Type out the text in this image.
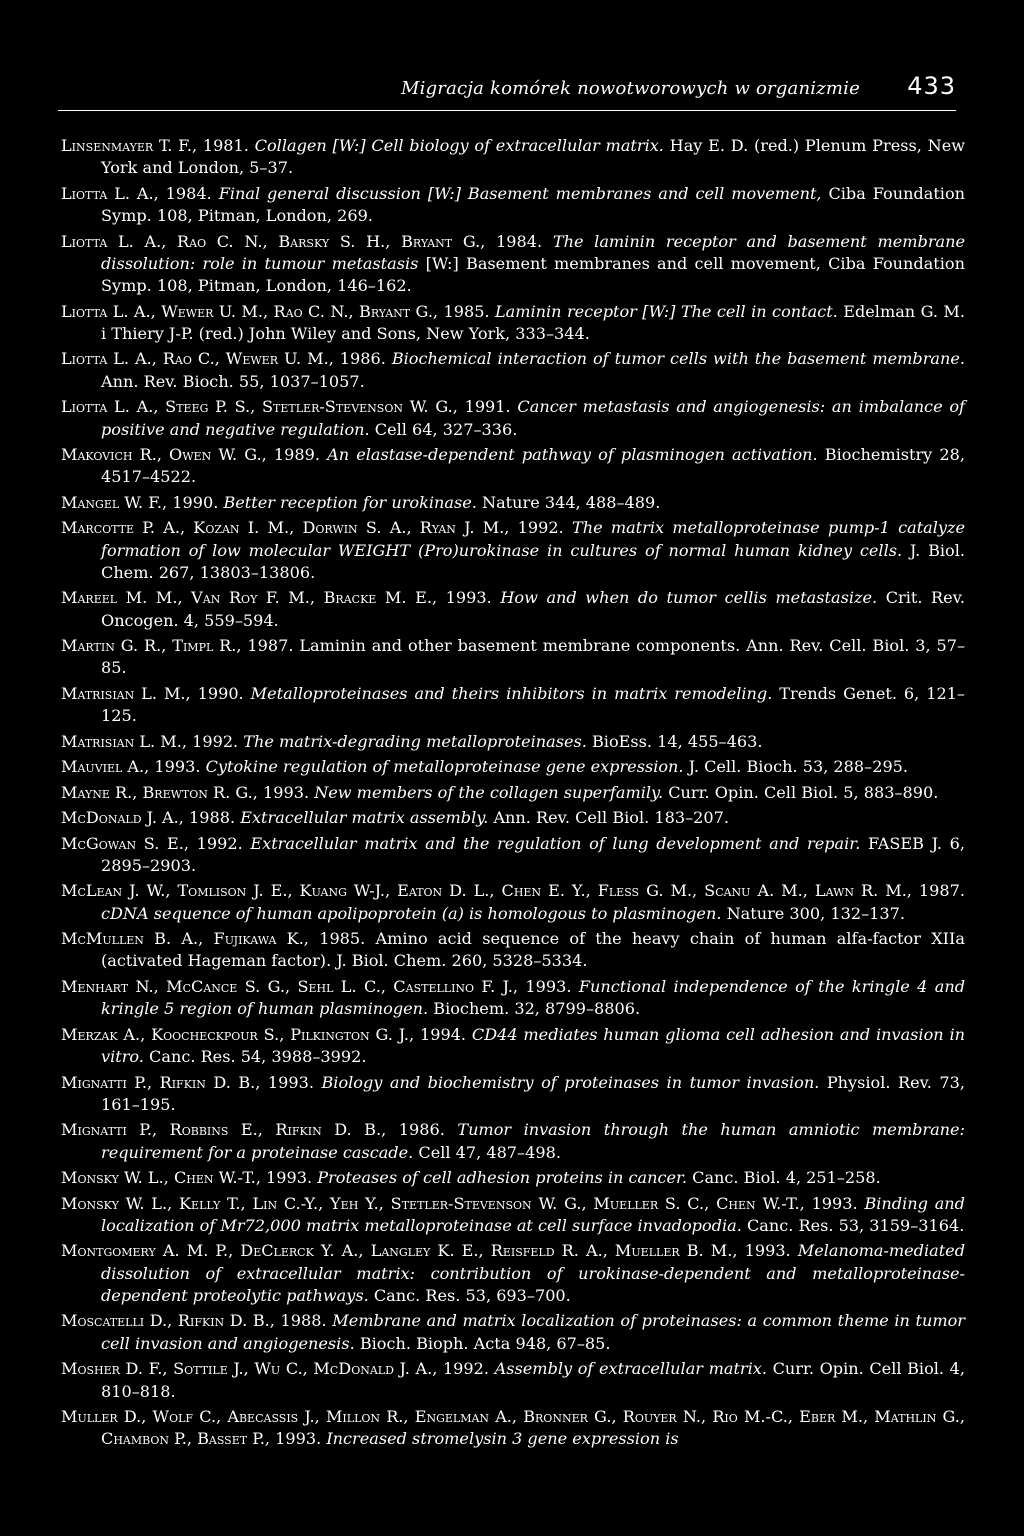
Migracja komórek nowotworowych w organizmie 433

Linsenmayer T. F., 1981. Collagen [W:] Cell biology of extracellular matrix. Hay E. D. (red.) Plenum Press, New York and London, 5–37.

Liotta L. A., 1984. Final general discussion [W:] Basement membranes and cell movement, Ciba Foundation Symp. 108, Pitman, London, 269.

Liotta L. A., Rao C. N., Barsky S. H., Bryant G., 1984. The laminin receptor and basement membrane dissolution: role in tumour metastasis [W:] Basement membranes and cell movement, Ciba Foundation Symp. 108, Pitman, London, 146–162.

Liotta L. A., Wewer U. M., Rao C. N., Bryant G., 1985. Laminin receptor [W:] The cell in contact. Edelman G. M. i Thiery J-P. (red.) John Wiley and Sons, New York, 333–344.

Liotta L. A., Rao C., Wewer U. M., 1986. Biochemical interaction of tumor cells with the basement membrane. Ann. Rev. Bioch. 55, 1037–1057.

Liotta L. A., Steeg P. S., Stetler-Stevenson W. G., 1991. Cancer metastasis and angiogenesis: an imbalance of positive and negative regulation. Cell 64, 327–336.

Makovich R., Owen W. G., 1989. An elastase-dependent pathway of plasminogen activation. Biochemistry 28, 4517–4522.

Mangel W. F., 1990. Better reception for urokinase. Nature 344, 488–489.

Marcotte P. A., Kozan I. M., Dorwin S. A., Ryan J. M., 1992. The matrix metalloproteinase pump-1 catalyze formation of low molecular WEIGHT (Pro)urokinase in cultures of normal human kidney cells. J. Biol. Chem. 267, 13803–13806.

Mareel M. M., Van Roy F. M., Bracke M. E., 1993. How and when do tumor cellis metastasize. Crit. Rev. Oncogen. 4, 559–594.

Martin G. R., Timpl R., 1987. Laminin and other basement membrane components. Ann. Rev. Cell. Biol. 3, 57–85.

Matrisian L. M., 1990. Metalloproteinases and theirs inhibitors in matrix remodeling. Trends Genet. 6, 121–125.

Matrisian L. M., 1992. The matrix-degrading metalloproteinases. BioEss. 14, 455–463.

Mauviel A., 1993. Cytokine regulation of metalloproteinase gene expression. J. Cell. Bioch. 53, 288–295.

Mayne R., Brewton R. G., 1993. New members of the collagen superfamily. Curr. Opin. Cell Biol. 5, 883–890.

McDonald J. A., 1988. Extracellular matrix assembly. Ann. Rev. Cell Biol. 183–207.

McGowan S. E., 1992. Extracellular matrix and the regulation of lung development and repair. FASEB J. 6, 2895–2903.

McLean J. W., Tomlison J. E., Kuang W-J., Eaton D. L., Chen E. Y., Fless G. M., Scanu A. M., Lawn R. M., 1987. cDNA sequence of human apolipoprotein (a) is homologous to plasminogen. Nature 300, 132–137.

McMullen B. A., Fujikawa K., 1985. Amino acid sequence of the heavy chain of human alfa-factor XIIa (activated Hageman factor). J. Biol. Chem. 260, 5328–5334.

Menhart N., McCance S. G., Sehl L. C., Castellino F. J., 1993. Functional independence of the kringle 4 and kringle 5 region of human plasminogen. Biochem. 32, 8799–8806.

Merzak A., Koocheckpour S., Pilkington G. J., 1994. CD44 mediates human glioma cell adhesion and invasion in vitro. Canc. Res. 54, 3988–3992.

Mignatti P., Rifkin D. B., 1993. Biology and biochemistry of proteinases in tumor invasion. Physiol. Rev. 73, 161–195.

Mignatti P., Robbins E., Rifkin D. B., 1986. Tumor invasion through the human amniotic membrane: requirement for a proteinase cascade. Cell 47, 487–498.

Monsky W. L., Chen W.-T., 1993. Proteases of cell adhesion proteins in cancer. Canc. Biol. 4, 251–258.

Monsky W. L., Kelly T., Lin C.-Y., Yeh Y., Stetler-Stevenson W. G., Mueller S. C., Chen W.-T., 1993. Binding and localization of Mr72,000 matrix metalloproteinase at cell surface invadopodia. Canc. Res. 53, 3159–3164.

Montgomery A. M. P., DeClerck Y. A., Langley K. E., Reisfeld R. A., Mueller B. M., 1993. Melanoma-mediated dissolution of extracellular matrix: contribution of urokinase-dependent and metalloproteinase-dependent proteolytic pathways. Canc. Res. 53, 693–700.

Moscatelli D., Rifkin D. B., 1988. Membrane and matrix localization of proteinases: a common theme in tumor cell invasion and angiogenesis. Bioch. Bioph. Acta 948, 67–85.

Mosher D. F., Sottile J., Wu C., McDonald J. A., 1992. Assembly of extracellular matrix. Curr. Opin. Cell Biol. 4, 810–818.

Muller D., Wolf C., Abecassis J., Millon R., Engelman A., Bronner G., Rouyer N., Rio M.-C., Eber M., Mathlin G., Chambon P., Basset P., 1993. Increased stromelysin 3 gene expression is
